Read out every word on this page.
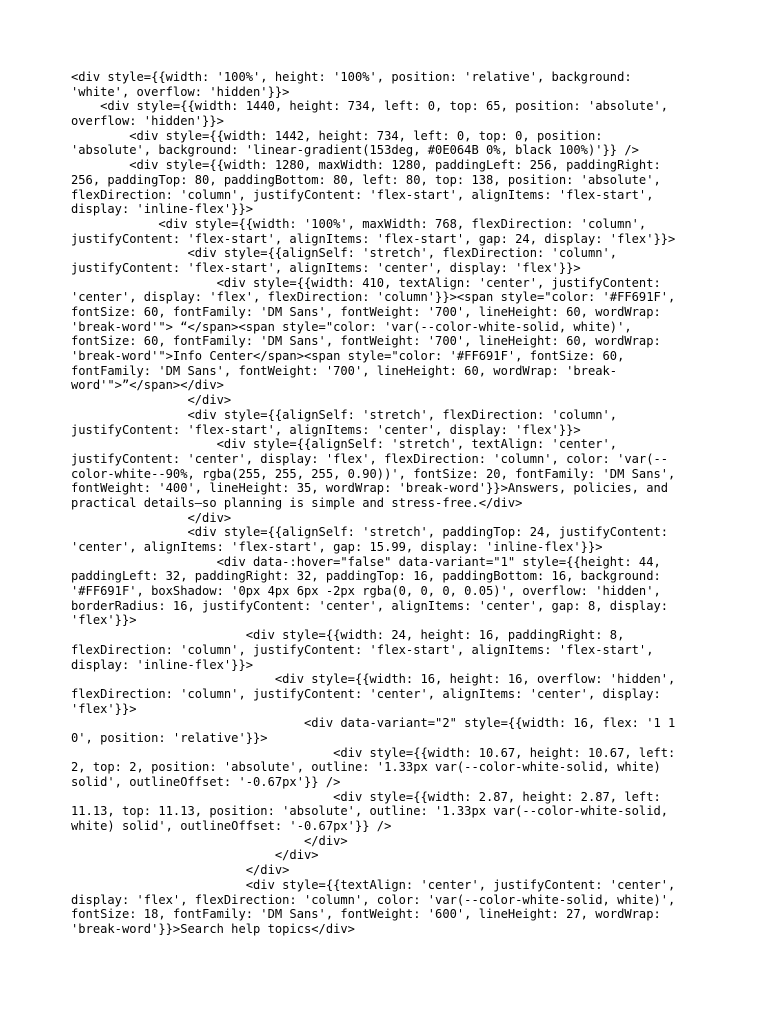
<div style={{width: '100%', height: '100%', position: 'relative', background:
'white', overflow: 'hidden'}}>
<div style={{width: 1440, height: 734, left: 0, top: 65, position: 'absolute',
overflow: 'hidden'}}>
<div style={{width: 1442, height: 734, left: 0, top: 0, position:
'absolute', background: 'linear-gradient(153deg, #0E064B 0%, black 100%)'}} />
<div style={{width: 1280, maxWidth: 1280, paddingLeft: 256, paddingRight:
256, paddingTop: 80, paddingBottom: 80, left: 80, top: 138, position: 'absolute',
flexDirection: 'column', justifyContent: 'flex-start', alignItems: 'flex-start',
display: 'inline-flex'}}>
<div style={{width: '100%', maxWidth: 768, flexDirection: 'column',
justifyContent: 'flex-start', alignItems: 'flex-start', gap: 24, display: 'flex'}}>
<div style={{alignSelf: 'stretch', flexDirection: 'column',
justifyContent: 'flex-start', alignItems: 'center', display: 'flex'}}>
<div style={{width: 410, textAlign: 'center', justifyContent:
'center', display: 'flex', flexDirection: 'column'}}><span style="color: '#FF691F',
fontSize: 60, fontFamily: 'DM Sans', fontWeight: '700', lineHeight: 60, wordWrap:
'break-word'"> “</span><span style="color: 'var(--color-white-solid, white)',
fontSize: 60, fontFamily: 'DM Sans', fontWeight: '700', lineHeight: 60, wordWrap:
'break-word'">Info Center</span><span style="color: '#FF691F', fontSize: 60,
fontFamily: 'DM Sans', fontWeight: '700', lineHeight: 60, wordWrap: 'break-
word'">”</span></div>
</div>
<div style={{alignSelf: 'stretch', flexDirection: 'column',
justifyContent: 'flex-start', alignItems: 'center', display: 'flex'}}>
<div style={{alignSelf: 'stretch', textAlign: 'center',
justifyContent: 'center', display: 'flex', flexDirection: 'column', color: 'var(--
color-white--90%, rgba(255, 255, 255, 0.90))', fontSize: 20, fontFamily: 'DM Sans',
fontWeight: '400', lineHeight: 35, wordWrap: 'break-word'}}>Answers, policies, and
practical details—so planning is simple and stress-free.</div>
</div>
<div style={{alignSelf: 'stretch', paddingTop: 24, justifyContent:
'center', alignItems: 'flex-start', gap: 15.99, display: 'inline-flex'}}>
<div data-:hover="false" data-variant="1" style={{height: 44,
paddingLeft: 32, paddingRight: 32, paddingTop: 16, paddingBottom: 16, background:
'#FF691F', boxShadow: '0px 4px 6px -2px rgba(0, 0, 0, 0.05)', overflow: 'hidden',
borderRadius: 16, justifyContent: 'center', alignItems: 'center', gap: 8, display:
'flex'}}>
<div style={{width: 24, height: 16, paddingRight: 8,
flexDirection: 'column', justifyContent: 'flex-start', alignItems: 'flex-start',
display: 'inline-flex'}}>
<div style={{width: 16, height: 16, overflow: 'hidden',
flexDirection: 'column', justifyContent: 'center', alignItems: 'center', display:
'flex'}}>
<div data-variant="2" style={{width: 16, flex: '1 1
0', position: 'relative'}}>
<div style={{width: 10.67, height: 10.67, left:
2, top: 2, position: 'absolute', outline: '1.33px var(--color-white-solid, white)
solid', outlineOffset: '-0.67px'}} />
<div style={{width: 2.87, height: 2.87, left:
11.13, top: 11.13, position: 'absolute', outline: '1.33px var(--color-white-solid,
white) solid', outlineOffset: '-0.67px'}} />
</div>
</div>
</div>
<div style={{textAlign: 'center', justifyContent: 'center',
display: 'flex', flexDirection: 'column', color: 'var(--color-white-solid, white)',
fontSize: 18, fontFamily: 'DM Sans', fontWeight: '600', lineHeight: 27, wordWrap:
'break-word'}}>Search help topics</div>
